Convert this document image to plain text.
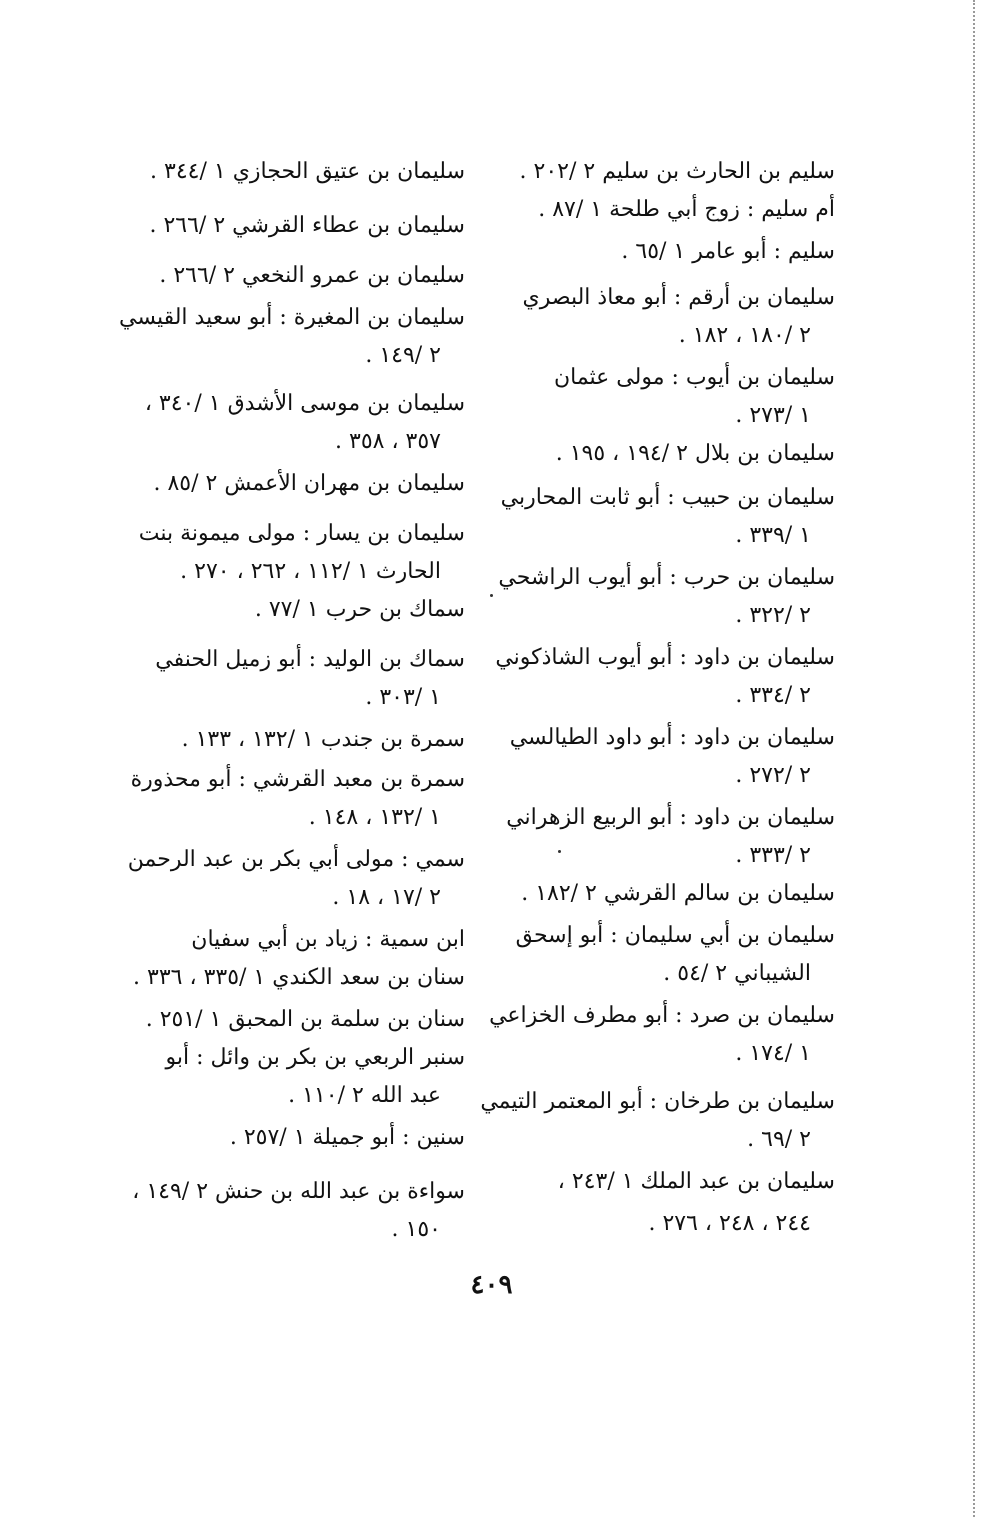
سليم بن الحارث بن سليم ٢ /٢٠٢ .
أم سليم : زوج أبي طلحة ١ /٨٧ .
سليم : أبو عامر ١ /٦٥ .
سليمان بن أرقم : أبو معاذ البصري
٢ /١٨٠ ، ١٨٢ .
سليمان بن أيوب : مولى عثمان
١ /٢٧٣ .
سليمان بن بلال ٢ /١٩٤ ، ١٩٥ .
سليمان بن حبيب : أبو ثابت المحاربي
١ /٣٣٩ .
سليمان بن حرب : أبو أيوب الراشحي
٢ /٣٢٢ .
سليمان بن داود : أبو أيوب الشاذكوني
٢ /٣٣٤ .
سليمان بن داود : أبو داود الطيالسي
٢ /٢٧٢ .
سليمان بن داود : أبو الربيع الزهراني
٢ /٣٣٣ .
سليمان بن سالم القرشي ٢ /١٨٢ .
سليمان بن أبي سليمان : أبو إسحق
الشيباني ٢ /٥٤ .
سليمان بن صرد : أبو مطرف الخزاعي
١ /١٧٤ .
سليمان بن طرخان : أبو المعتمر التيمي
٢ /٦٩ .
سليمان بن عبد الملك ١ /٢٤٣ ،
٢٤٤ ، ٢٤٨ ، ٢٧٦ .
سليمان بن عتيق الحجازي ١ /٣٤٤ .
سليمان بن عطاء القرشي ٢ /٢٦٦ .
سليمان بن عمرو النخعي ٢ /٢٦٦ .
سليمان بن المغيرة : أبو سعيد القيسي
٢ /١٤٩ .
سليمان بن موسى الأشدق ١ /٣٤٠ ،
٣٥٧ ، ٣٥٨ .
سليمان بن مهران الأعمش ٢ /٨٥ .
سليمان بن يسار : مولى ميمونة بنت
الحارث ١ /١١٢ ، ٢٦٢ ، ٢٧٠ .
سماك بن حرب ١ /٧٧ .
سماك بن الوليد : أبو زميل الحنفي
١ /٣٠٣ .
سمرة بن جندب ١ /١٣٢ ، ١٣٣ .
سمرة بن معبد القرشي : أبو محذورة
١ /١٣٢ ، ١٤٨ .
سمي : مولى أبي بكر بن عبد الرحمن
٢ /١٧ ، ١٨ .
ابن سمية : زياد بن أبي سفيان
سنان بن سعد الكندي ١ /٣٣٥ ، ٣٣٦ .
سنان بن سلمة بن المحبق ١ /٢٥١ .
سنبر الربعي بن بكر بن وائل : أبو
عبد الله ٢ /١١٠ .
سنين : أبو جميلة ١ /٢٥٧ .
سواءة بن عبد الله بن حنش ٢ /١٤٩ ،
١٥٠ .
٤٠٩
